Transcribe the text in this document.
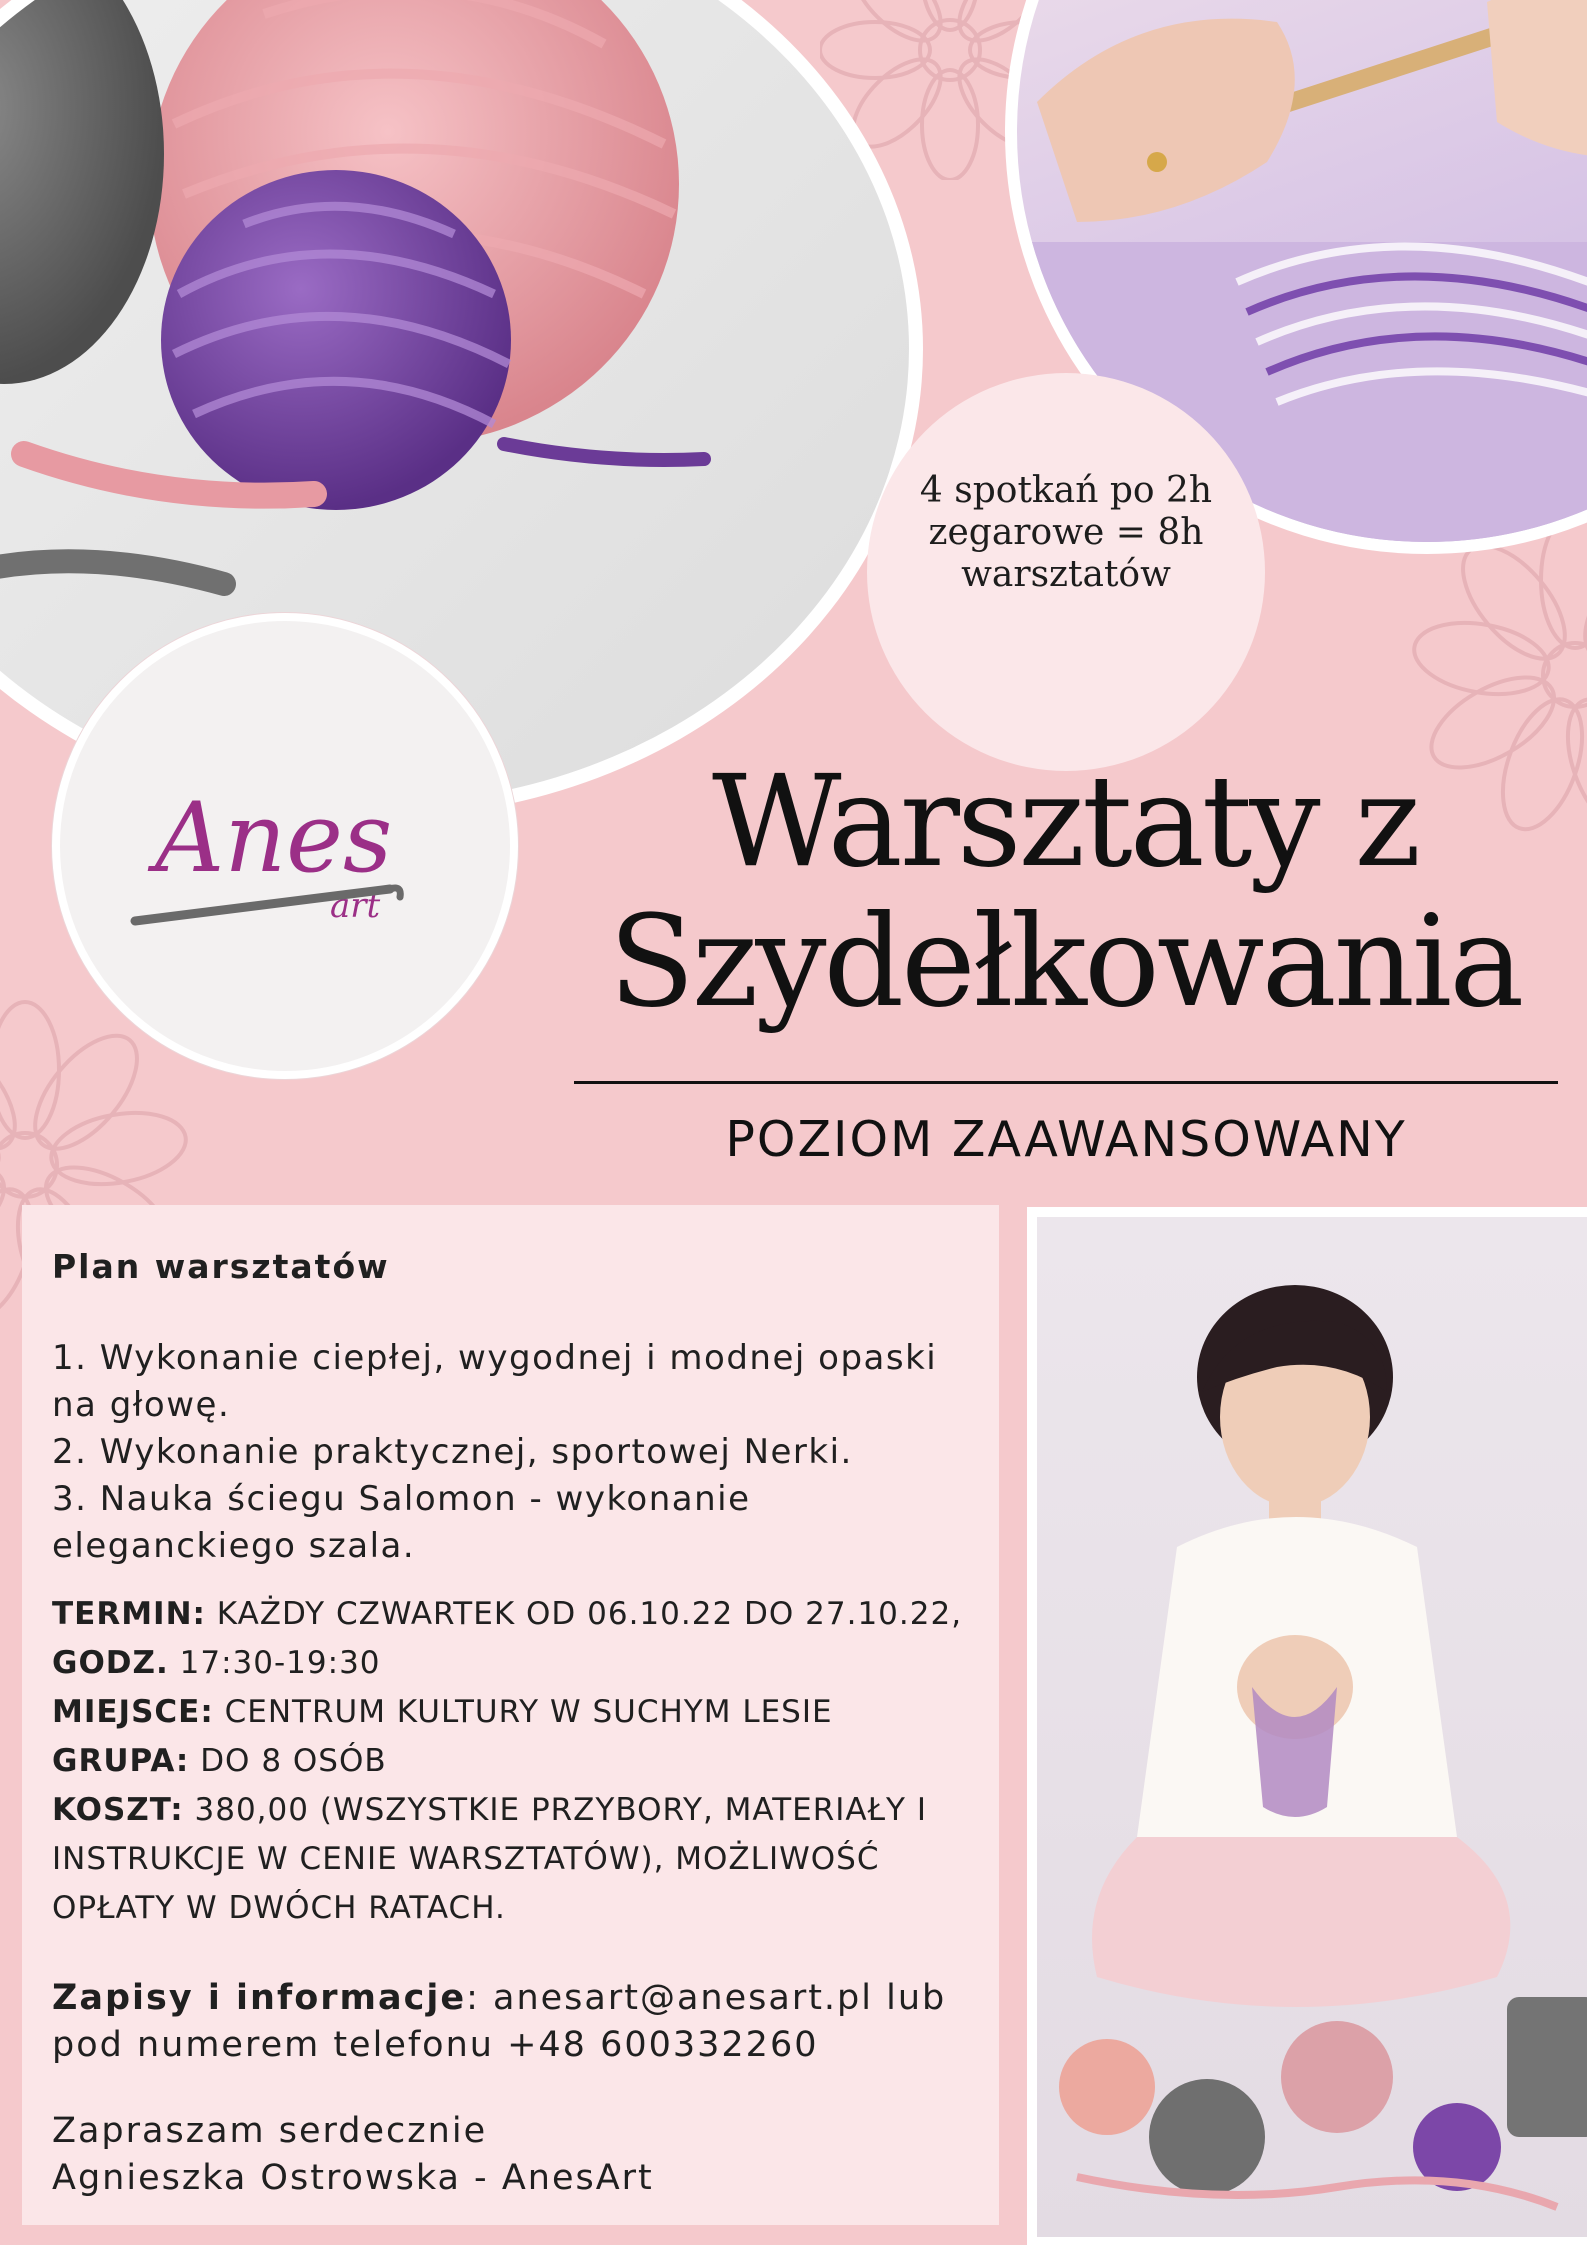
Anes
art

4 spotkań po 2h zegarowe = 8h warsztatów

Warsztaty z
Szydełkowania

POZIOM ZAAWANSOWANY

Plan warsztatów

1. Wykonanie ciepłej, wygodnej i modnej opaski na głowę.
2. Wykonanie praktycznej, sportowej Nerki.
3. Nauka ściegu Salomon - wykonanie eleganckiego szala.

TERMIN: KAŻDY CZWARTEK OD 06.10.22 DO 27.10.22,
GODZ. 17:30-19:30
MIEJSCE: CENTRUM KULTURY W SUCHYM LESIE
GRUPA: DO 8 OSÓB
KOSZT: 380,00 (WSZYSTKIE PRZYBORY, MATERIAŁY I INSTRUKCJE W CENIE WARSZTATÓW), MOŻLIWOŚĆ OPŁATY W DWÓCH RATACH.

Zapisy i informacje: anesart@anesart.pl lub pod numerem telefonu +48 600332260

Zapraszam serdecznie
Agnieszka Ostrowska - AnesArt
